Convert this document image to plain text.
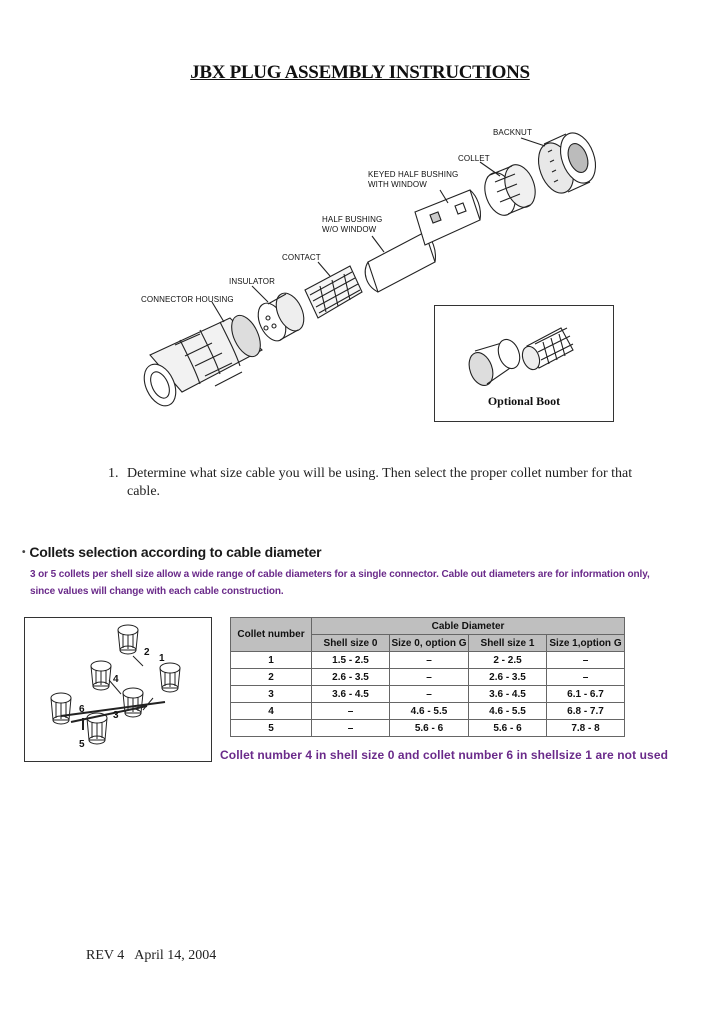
JBX PLUG ASSEMBLY INSTRUCTIONS
BACKNUT
COLLET
KEYED HALF BUSHING
WITH WINDOW
HALF BUSHING
W/O WINDOW
CONTACT
INSULATOR
CONNECTOR HOUSING
Optional Boot
1. Determine what size cable you will be using. Then select the proper collet number for that cable.
• Collets selection according to cable diameter
3 or 5 collets per shell size allow a wide range of cable diameters for a single connector. Cable out diameters are for information only, since values will change with each cable construction.
1
2
3
4
5
6
Collet number	Cable Diameter			
	Shell size 0	Size 0, option G	Shell size 1	Size 1,option G
1	1.5 - 2.5	–	2 - 2.5	–
2	2.6 - 3.5	–	2.6 - 3.5	–
3	3.6 - 4.5	–	3.6 - 4.5	6.1 - 6.7
4	–	4.6 - 5.5	4.6 - 5.5	6.8 - 7.7
5	–	5.6 - 6	5.6 - 6	7.8 - 8
Collet number 4 in shell size 0 and collet number 6 in shellsize 1 are not used
REV 4 April 14, 2004
